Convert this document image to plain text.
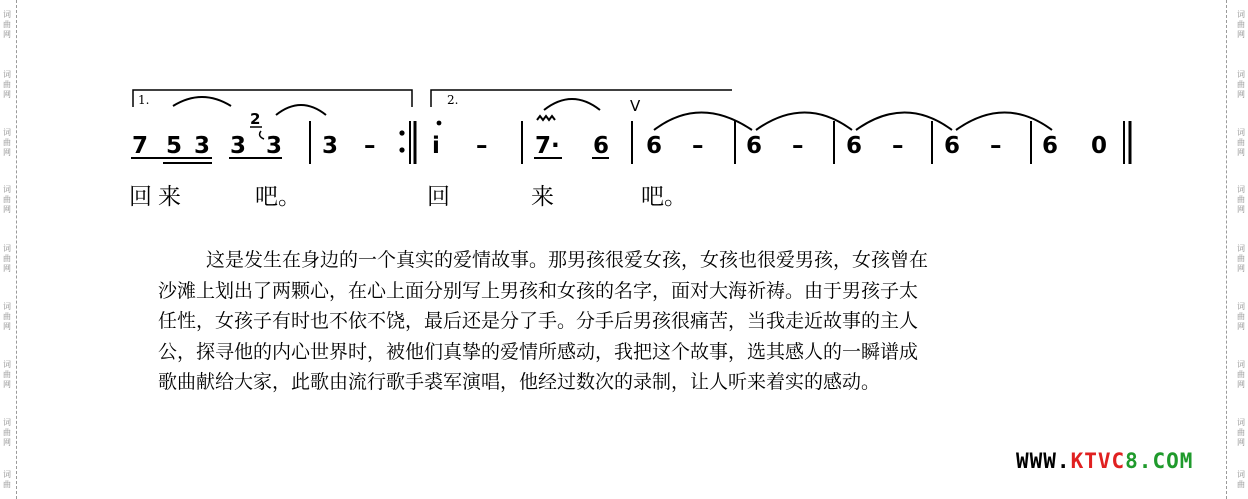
词
曲
网
词
曲
网
词
曲
网
词
曲
网
词
曲
网
词
曲
网
词
曲
网
词
曲
网
词
曲
词
曲
网
词
曲
网
词
曲
网
词
曲
网
词
曲
网
词
曲
网
词
曲
网
词
曲
网
词
曲
1.	2.	V
2
7 5 3 3 3 3 – i – 7· 6 6 – 6 – 6 – 6 – 6 0
回 来	吧。	回	来	吧。
这是发生在身边的一个真实的爱情故事。那男孩很爱女孩，女孩也很爱男孩，女孩曾在
沙滩上划出了两颗心，在心上面分别写上男孩和女孩的名字，面对大海祈祷。由于男孩子太
任性，女孩子有时也不依不饶，最后还是分了手。分手后男孩很痛苦，当我走近故事的主人
公，探寻他的内心世界时，被他们真挚的爱情所感动，我把这个故事，选其感人的一瞬谱成
歌曲献给大家，此歌由流行歌手裘军演唱，他经过数次的录制，让人听来着实的感动。
WWW.KTVC8.COM
